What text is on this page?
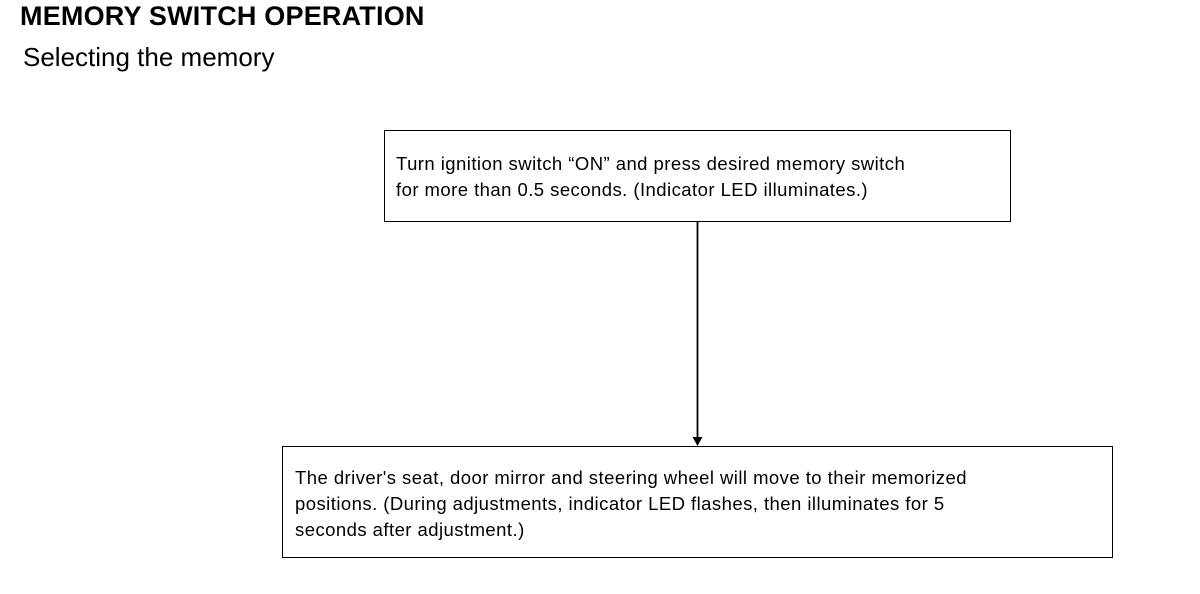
MEMORY SWITCH OPERATION
Selecting the memory
Turn ignition switch “ON” and press desired memory switch
for more than 0.5 seconds. (Indicator LED illuminates.)
The driver's seat, door mirror and steering wheel will move to their memorized
positions. (During adjustments, indicator LED flashes, then illuminates for 5
seconds after adjustment.)
